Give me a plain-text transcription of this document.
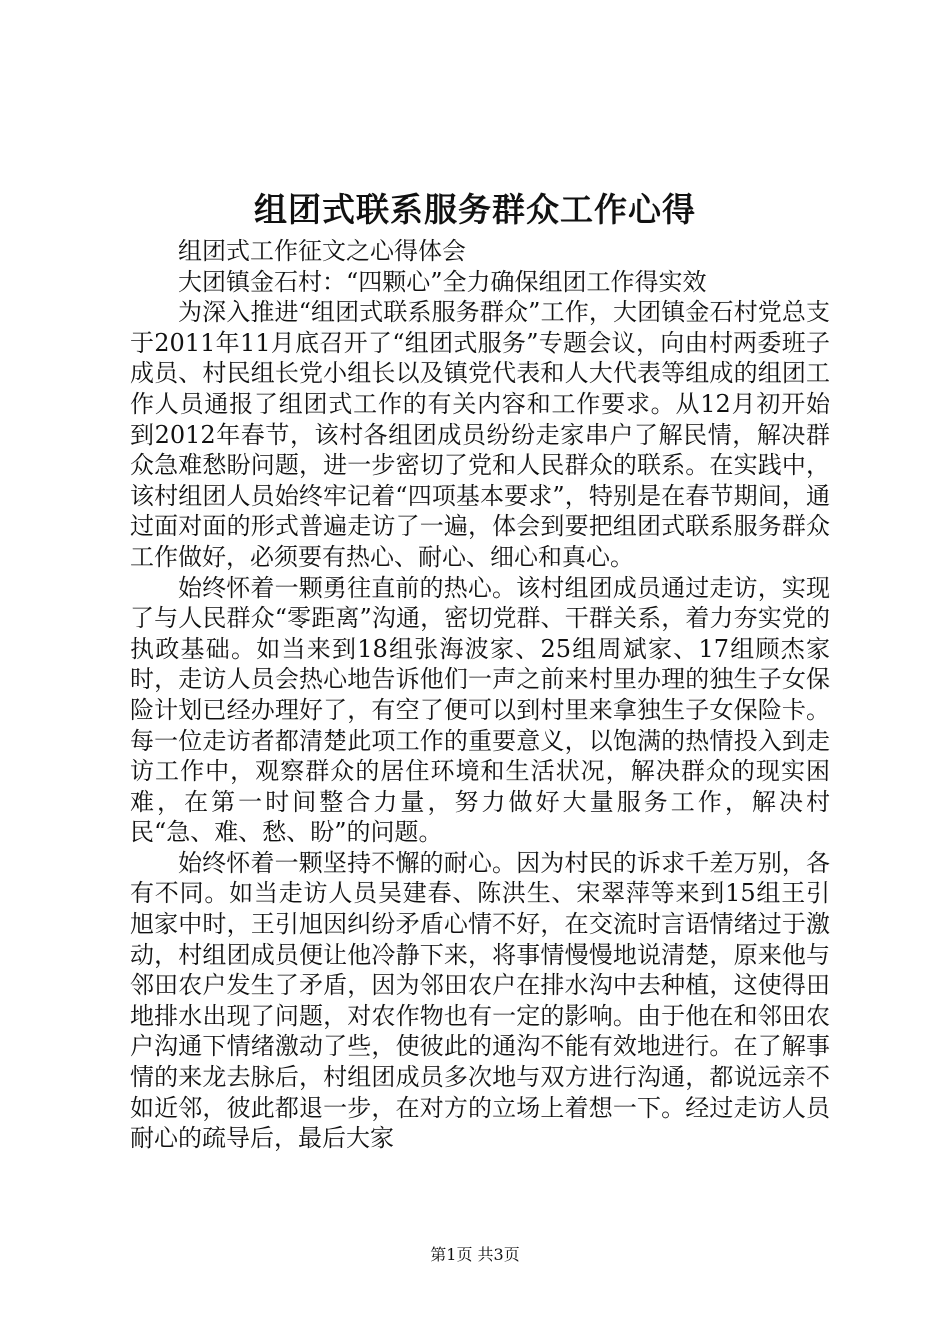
组团式联系服务群众工作心得

组团式工作征文之心得体会

大团镇金石村：“四颗心”全力确保组团工作得实效

为深入推进“组团式联系服务群众”工作，大团镇金石村党总支于2011年11月底召开了“组团式服务”专题会议，向由村两委班子成员、村民组长党小组长以及镇党代表和人大代表等组成的组团工作人员通报了组团式工作的有关内容和工作要求。从12月初开始到2012年春节，该村各组团成员纷纷走家串户了解民情，解决群众急难愁盼问题，进一步密切了党和人民群众的联系。在实践中，该村组团人员始终牢记着“四项基本要求”，特别是在春节期间，通过面对面的形式普遍走访了一遍，体会到要把组团式联系服务群众工作做好，必须要有热心、耐心、细心和真心。

始终怀着一颗勇往直前的热心。该村组团成员通过走访，实现了与人民群众“零距离”沟通，密切党群、干群关系，着力夯实党的执政基础。如当来到18组张海波家、25组周斌家、17组顾杰家时，走访人员会热心地告诉他们一声之前来村里办理的独生子女保险计划已经办理好了，有空了便可以到村里来拿独生子女保险卡。每一位走访者都清楚此项工作的重要意义，以饱满的热情投入到走访工作中，观察群众的居住环境和生活状况，解决群众的现实困难，在第一时间整合力量，努力做好大量服务工作，解决村民“急、难、愁、盼”的问题。

始终怀着一颗坚持不懈的耐心。因为村民的诉求千差万别，各有不同。如当走访人员吴建春、陈洪生、宋翠萍等来到15组王引旭家中时，王引旭因纠纷矛盾心情不好，在交流时言语情绪过于激动，村组团成员便让他冷静下来，将事情慢慢地说清楚，原来他与邻田农户发生了矛盾，因为邻田农户在排水沟中去种植，这使得田地排水出现了问题，对农作物也有一定的影响。由于他在和邻田农户沟通下情绪激动了些，使彼此的通沟不能有效地进行。在了解事情的来龙去脉后，村组团成员多次地与双方进行沟通，都说远亲不如近邻，彼此都退一步，在对方的立场上着想一下。经过走访人员耐心的疏导后，最后大家

第1页 共3页
